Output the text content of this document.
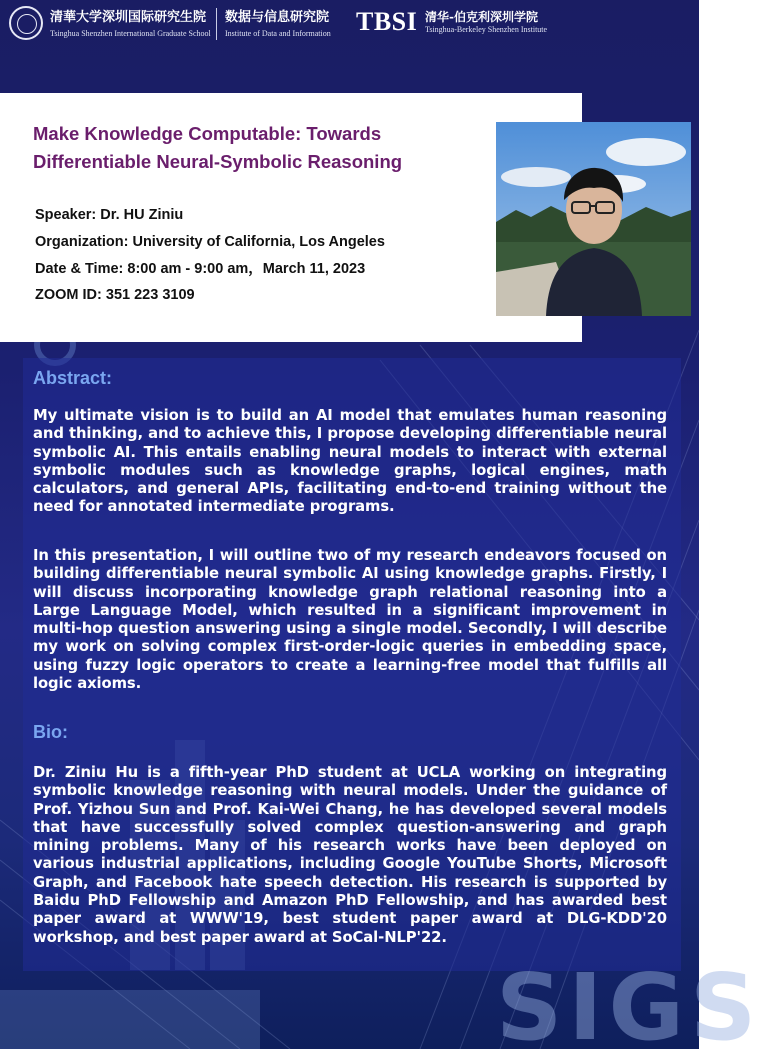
清華大学深圳国际研究生院
Tsinghua Shenzhen International Graduate School
数据与信息研究院
Institute of Data and Information TBSI 清华-伯克利深圳学院
Tsinghua-Berkeley Shenzhen Institute
Make Knowledge Computable: Towards
Differentiable Neural-Symbolic Reasoning
Speaker: Dr. HU Ziniu
Organization: University of California, Los Angeles
Date & Time: 8:00 am - 9:00 am，March 11, 2023
ZOOM ID: 351 223 3109
Abstract:
My ultimate vision is to build an AI model that emulates human reasoning and thinking, and to achieve this, I propose developing differentiable neural symbolic AI. This entails enabling neural models to interact with external symbolic modules such as knowledge graphs, logical engines, math calculators, and general APIs, facilitating end-to-end training without the need for annotated intermediate programs.
In this presentation, I will outline two of my research endeavors focused on building differentiable neural symbolic AI using knowledge graphs. Firstly, I will discuss incorporating knowledge graph relational reasoning into a Large Language Model, which resulted in a significant improvement in multi-hop question answering using a single model. Secondly, I will describe my work on solving complex first-order-logic queries in embedding space, using fuzzy logic operators to create a learning-free model that fulfills all logic axioms.
Bio:
Dr. Ziniu Hu is a fifth-year PhD student at UCLA working on integrating symbolic knowledge reasoning with neural models. Under the guidance of Prof. Yizhou Sun and Prof. Kai-Wei Chang, he has developed several models that have successfully solved complex question-answering and graph mining problems. Many of his research works have been deployed on various industrial applications, including Google YouTube Shorts, Microsoft Graph, and Facebook hate speech detection. His research is supported by Baidu PhD Fellowship and Amazon PhD Fellowship, and has awarded best paper award at WWW'19, best student paper award at DLG-KDD'20 workshop, and best paper award at SoCal-NLP'22.
SIGS
